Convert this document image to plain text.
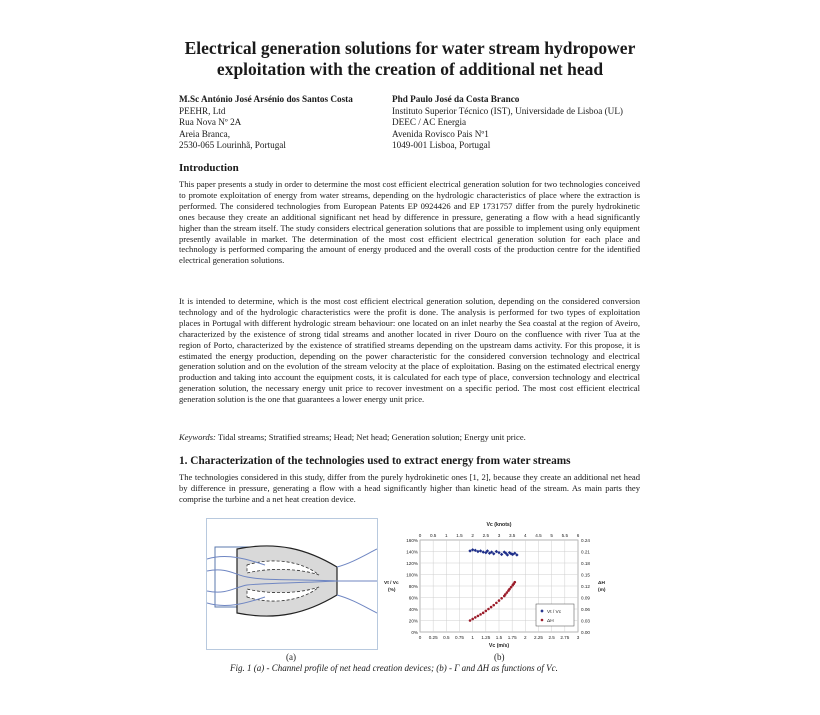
Electrical generation solutions for water stream hydropower
exploitation with the creation of additional net head
M.Sc António José Arsénio dos Santos Costa
PEEHR, Ltd
Rua Nova Nº 2A
Areia Branca,
2530-065 Lourinhã, Portugal
Phd Paulo José da Costa Branco
Instituto Superior Técnico (IST), Universidade de Lisboa (UL)
DEEC / AC Energia
Avenida Rovisco Pais Nº1
1049-001 Lisboa, Portugal
Introduction
This paper presents a study in order to determine the most cost efficient electrical generation solution for two technologies conceived to promote exploitation of energy from water streams, depending on the hydrologic characteristics of place where the extraction is performed. The considered technologies from European Patents EP 0924426 and EP 1731757 differ from the purely hydrokinetic ones because they create an additional significant net head by difference in pressure, generating a flow with a head significantly higher than the stream itself. The study considers electrical generation solutions that are possible to implement using only equipment presently available in market. The determination of the most cost efficient electrical generation solution for each place and technology is performed comparing the amount of energy produced and the overall costs of the production centre for the identified electrical generation solutions.
It is intended to determine, which is the most cost efficient electrical generation solution, depending on the considered conversion technology and of the hydrologic characteristics were the profit is done. The analysis is performed for two types of exploitation places in Portugal with different hydrologic stream behaviour: one located on an inlet nearby the Sea coastal at the region of Aveiro, characterized by the existence of strong tidal streams and another located in river Douro on the confluence with river Tua at the region of Porto, characterized by the existence of stratified streams depending on the upstream dams activity. For this propose, it is estimated the energy production, depending on the power characteristic for the considered conversion technology and electrical generation solution and on the evolution of the stream velocity at the place of exploitation. Basing on the estimated electrical energy production and taking into account the equipment costs, it is calculated for each type of place, conversion technology and electrical generation solution, the necessary energy unit price to recover investment on a specific period. The most cost efficient electrical generation solution is the one that guarantees a lower energy unit price.
Keywords: Tidal streams; Stratified streams; Head; Net head; Generation solution; Energy unit price.
1. Characterization of the technologies used to extract energy from water streams
The technologies considered in this study, differ from the purely hydrokinetic ones [1, 2], because they create an additional net head by difference in pressure, generating a flow with a head significantly higher than kinetic head of the stream. As main parts they comprise the turbine and a net heat creation device.
(a)
160%
140%
120%
100%
80%
60%
40%
20%
0%
0.24
0.21
0.18
0.15
0.12
0.09
0.06
0.03
0.00
0 0.25 0.5 0.75 1 1.25 1.5 1.75 2 2.25 2.5 2.75 3
0 0.5 1 1.5 2 2.5 3 3.5 4 4.5 5 5.5 6
Vc (knots)
Vc (m/s)
Vt / Vc
(%)
ΔH
(m)
Vt / Vc
ΔH
(b)
Fig. 1 (a) - Channel profile of net head creation devices; (b) - Γ and ΔH as functions of Vc.
